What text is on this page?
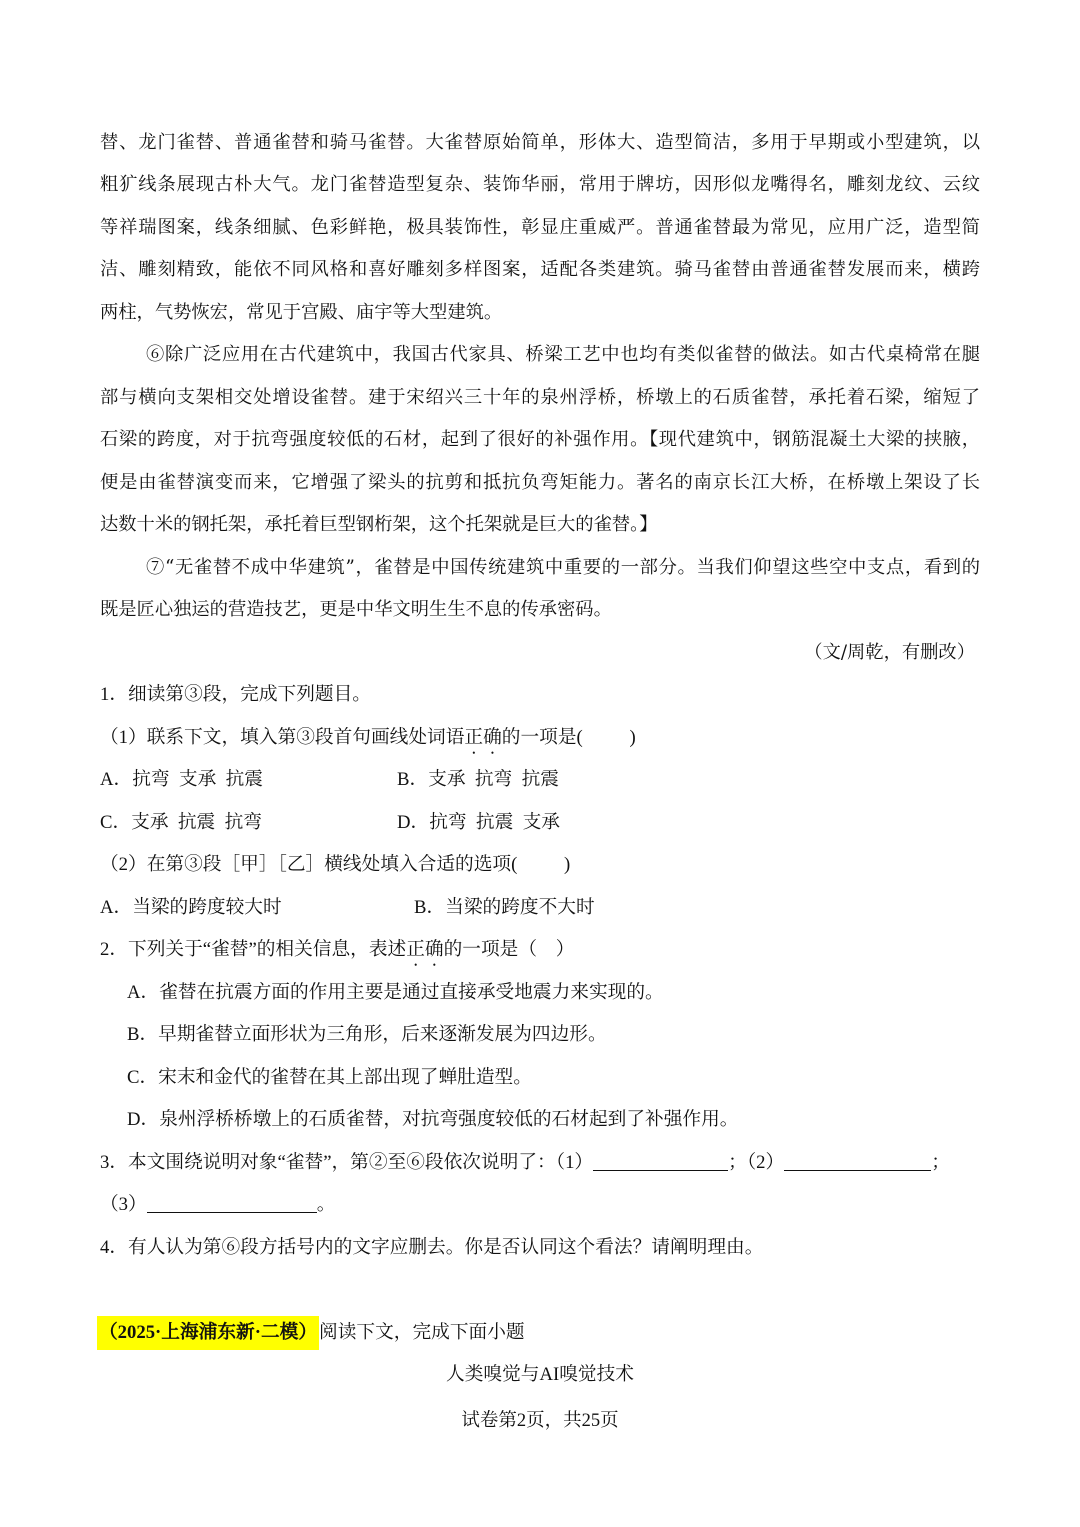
替、龙门雀替、普通雀替和骑马雀替。大雀替原始简单，形体大、造型简洁，多用于早期或小型建筑，以
粗犷线条展现古朴大气。龙门雀替造型复杂、装饰华丽，常用于牌坊，因形似龙嘴得名，雕刻龙纹、云纹
等祥瑞图案，线条细腻、色彩鲜艳，极具装饰性，彰显庄重威严。普通雀替最为常见，应用广泛，造型简
洁、雕刻精致，能依不同风格和喜好雕刻多样图案，适配各类建筑。骑马雀替由普通雀替发展而来，横跨
两柱，气势恢宏，常见于宫殿、庙宇等大型建筑。
⑥除广泛应用在古代建筑中，我国古代家具、桥梁工艺中也均有类似雀替的做法。如古代桌椅常在腿
部与横向支架相交处增设雀替。建于宋绍兴三十年的泉州浮桥，桥墩上的石质雀替，承托着石梁，缩短了
石梁的跨度，对于抗弯强度较低的石材，起到了很好的补强作用。【现代建筑中，钢筋混凝土大梁的挟腋，
便是由雀替演变而来，它增强了梁头的抗剪和抵抗负弯矩能力。著名的南京长江大桥，在桥墩上架设了长
达数十米的钢托架，承托着巨型钢桁架，这个托架就是巨大的雀替。】
⑦“无雀替不成中华建筑”，雀替是中国传统建筑中重要的一部分。当我们仰望这些空中支点，看到的
既是匠心独运的营造技艺，更是中华文明生生不息的传承密码。
（文/周乾，有删改）
1．细读第③段，完成下列题目。
（1）联系下文，填入第③段首句画线处词语正确的一项是(          )
A．抗弯  支承  抗震	B．支承  抗弯  抗震
C．支承  抗震  抗弯	D．抗弯  抗震  支承
（2）在第③段［甲］［乙］横线处填入合适的选项(          )
A．当梁的跨度较大时	B．当梁的跨度不大时
2．下列关于“雀替”的相关信息，表述正确的一项是（    ）
A．雀替在抗震方面的作用主要是通过直接承受地震力来实现的。
B．早期雀替立面形状为三角形，后来逐渐发展为四边形。
C．宋末和金代的雀替在其上部出现了蝉肚造型。
D．泉州浮桥桥墩上的石质雀替，对抗弯强度较低的石材起到了补强作用。
3．本文围绕说明对象“雀替”，第②至⑥段依次说明了：（1）	；（2）	；
（3）	。
4．有人认为第⑥段方括号内的文字应删去。你是否认同这个看法？请阐明理由。
（2025·上海浦东新·二模） 阅读下文，完成下面小题
人类嗅觉与AI嗅觉技术
试卷第2页，共25页
